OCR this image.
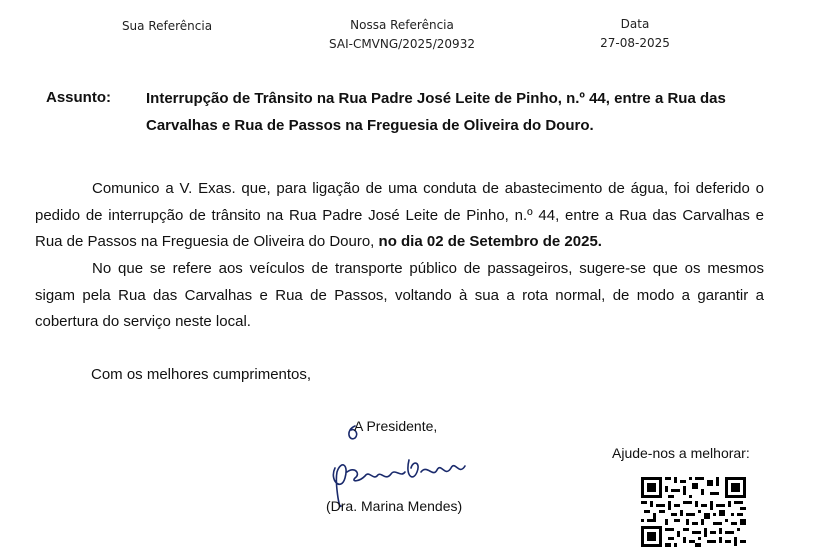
Sua Referência	Nossa Referência
SAI-CMVNG/2025/20932
Data
27-08-2025
Assunto: Interrupção de Trânsito na Rua Padre José Leite de Pinho, n.º 44, entre a Rua das Carvalhas e Rua de Passos na Freguesia de Oliveira do Douro.

Comunico a V. Exas. que, para ligação de uma conduta de abastecimento de água, foi deferido o pedido de interrupção de trânsito na Rua Padre José Leite de Pinho, n.º 44, entre a Rua das Carvalhas e Rua de Passos na Freguesia de Oliveira do Douro, no dia 02 de Setembro de 2025.

No que se refere aos veículos de transporte público de passageiros, sugere-se que os mesmos sigam pela Rua das Carvalhas e Rua de Passos, voltando à sua a rota normal, de modo a garantir a cobertura do serviço neste local.

Com os melhores cumprimentos,
A Presidente,
(Dra. Marina Mendes)
Ajude-nos a melhorar:
